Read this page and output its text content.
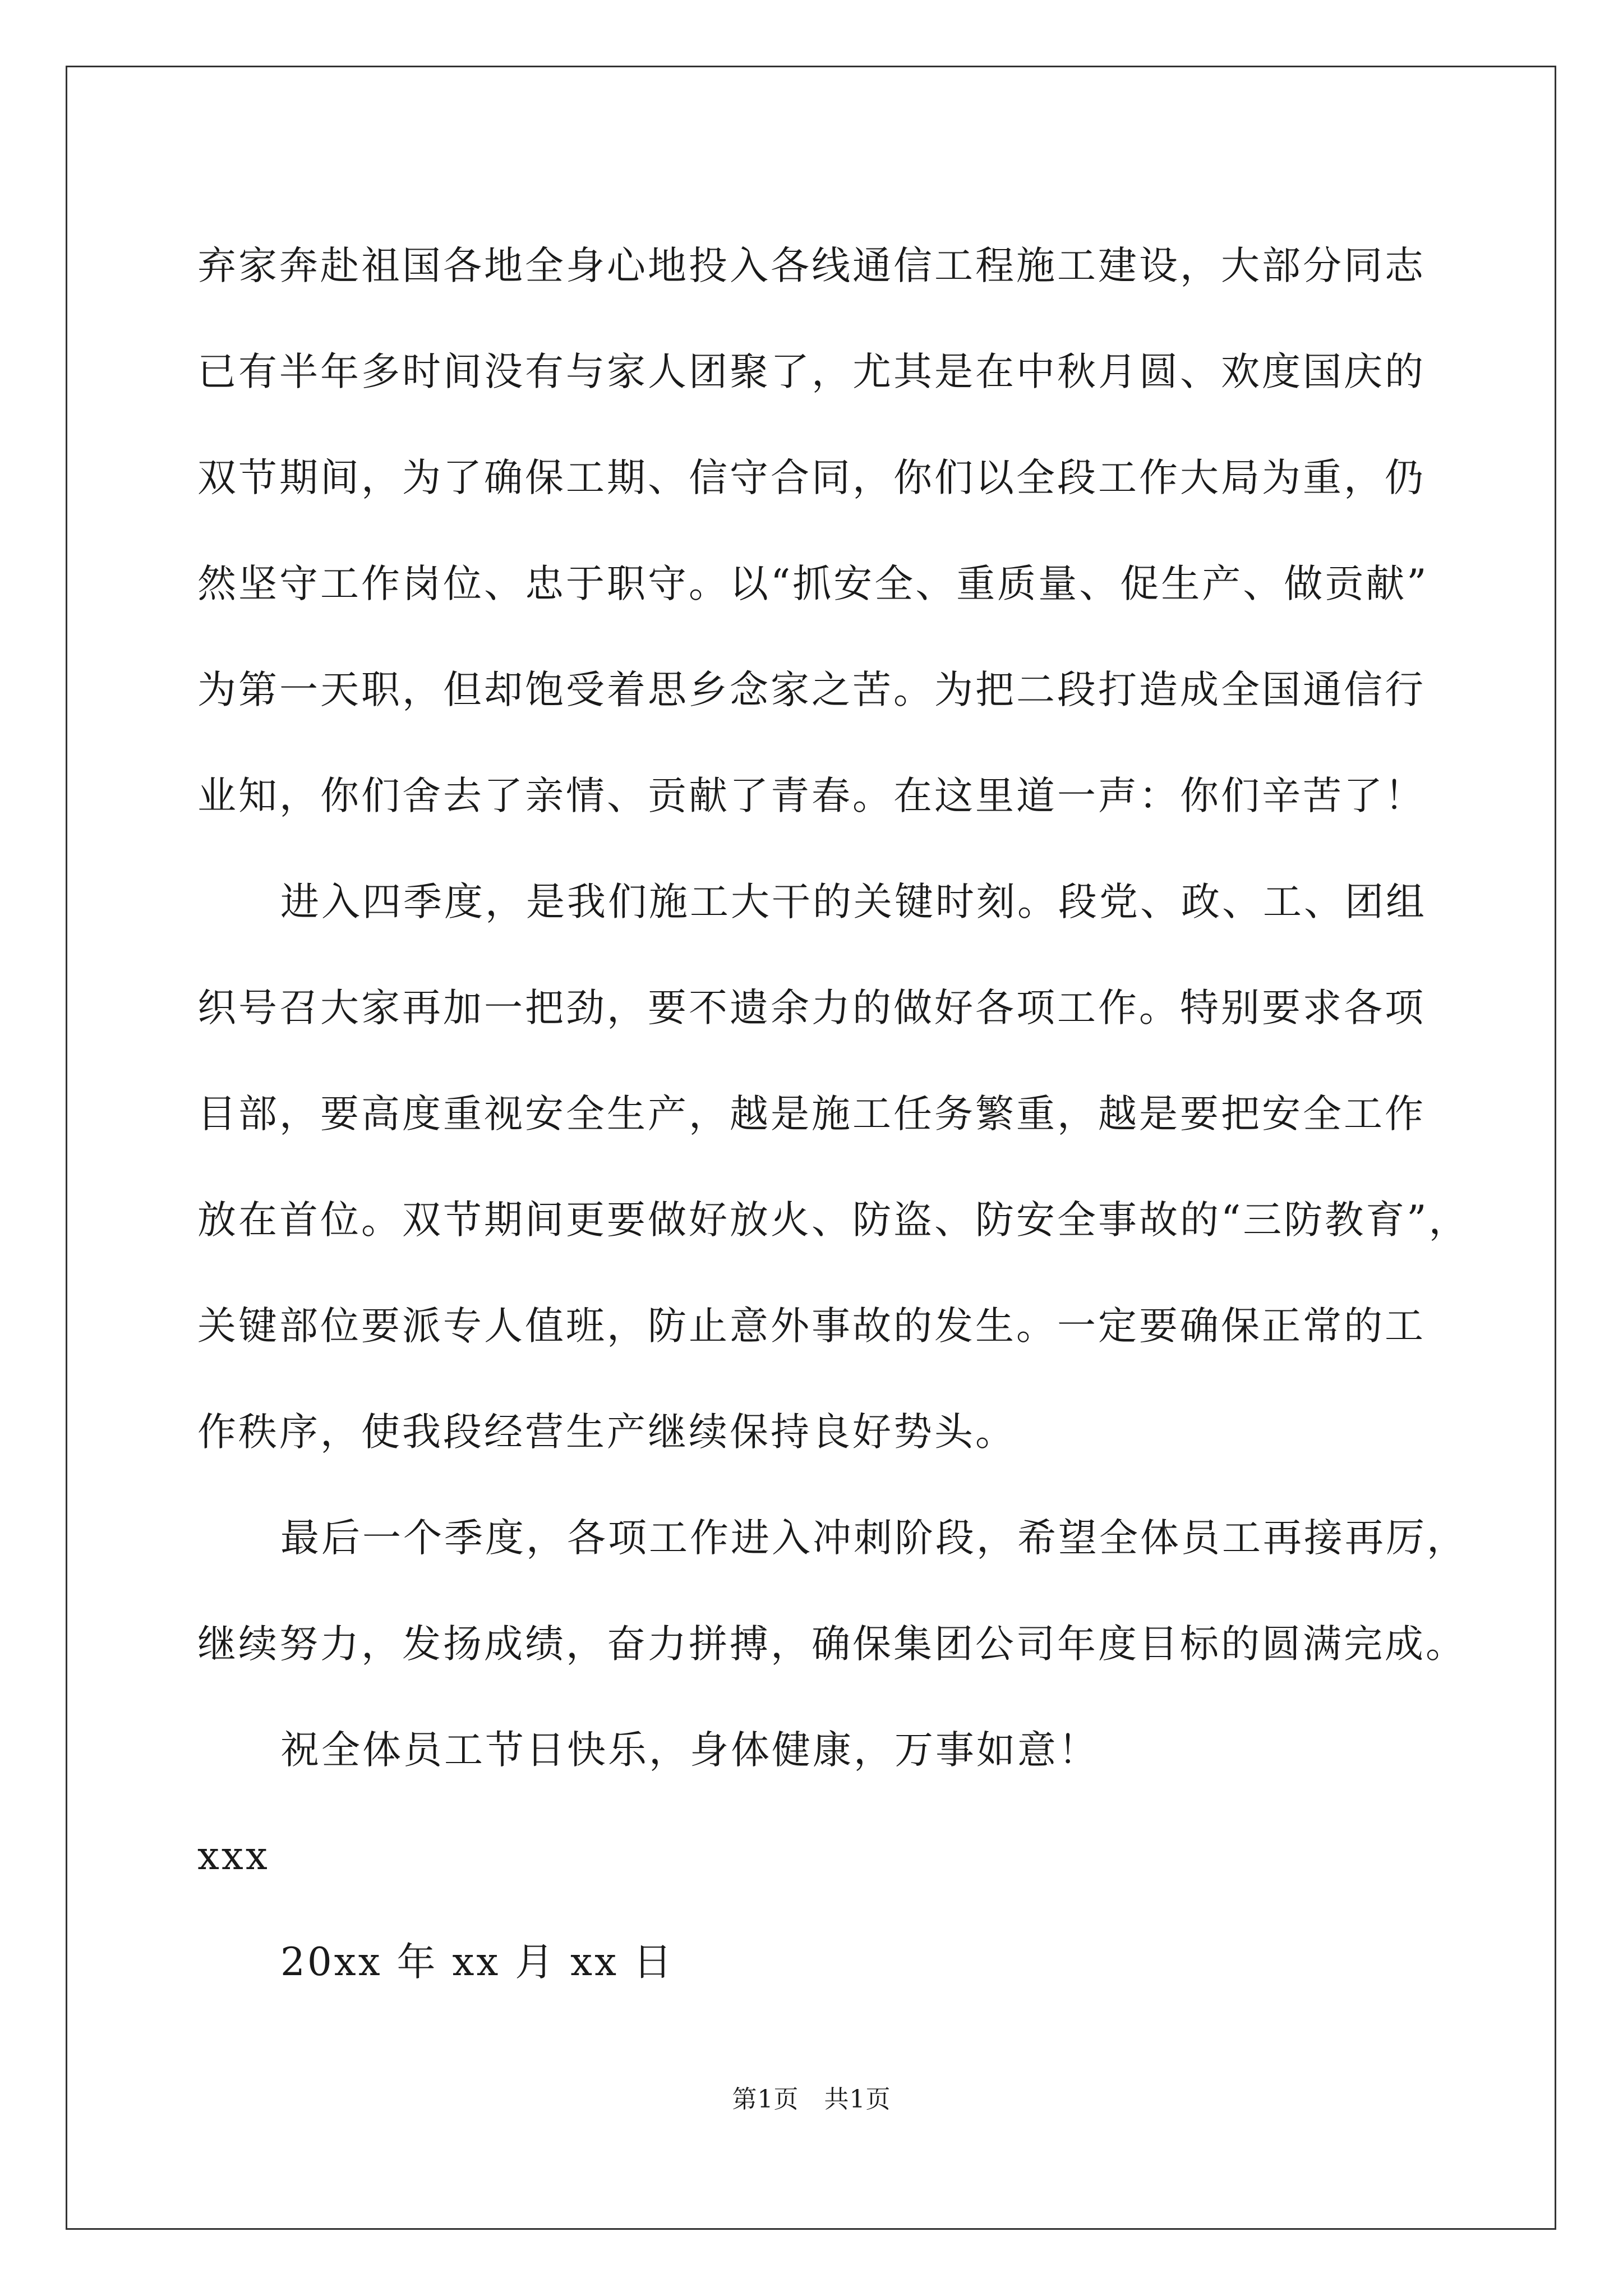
弃家奔赴祖国各地全身心地投入各线通信工程施工建设，大部分同志
已有半年多时间没有与家人团聚了，尤其是在中秋月圆、欢度国庆的
双节期间，为了确保工期、信守合同，你们以全段工作大局为重，仍
然坚守工作岗位、忠于职守。以“抓安全、重质量、促生产、做贡献”
为第一天职，但却饱受着思乡念家之苦。为把二段打造成全国通信行
业知，你们舍去了亲情、贡献了青春。在这里道一声：你们辛苦了！
进入四季度，是我们施工大干的关键时刻。段党、政、工、团组
织号召大家再加一把劲，要不遗余力的做好各项工作。特别要求各项
目部，要高度重视安全生产，越是施工任务繁重，越是要把安全工作
放在首位。双节期间更要做好放火、防盗、防安全事故的“三防教育”，
关键部位要派专人值班，防止意外事故的发生。一定要确保正常的工
作秩序，使我段经营生产继续保持良好势头。
最后一个季度，各项工作进入冲刺阶段，希望全体员工再接再厉，
继续努力，发扬成绩，奋力拼搏，确保集团公司年度目标的圆满完成。
祝全体员工节日快乐，身体健康，万事如意！
xxx
20xx 年 xx 月 xx 日
第1页   共1页
